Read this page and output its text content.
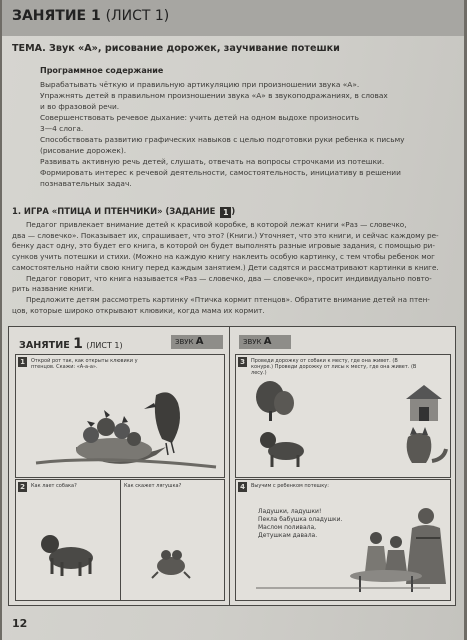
ЗАНЯТИЕ 1 (ЛИСТ 1)
ТЕМА. Звук «А», рисование дорожек, заучивание потешки
Программное содержание
Вырабатывать чёткую и правильную артикуляцию при произношении звука «А».
Упражнять детей в правильном произношении звука «А» в звукоподражаниях, в словах
и во фразовой речи.
Совершенствовать речевое дыхание: учить детей на одном выдохе произносить
3—4 слога.
Способствовать развитию графических навыков с целью подготовки руки ребенка к письму
(рисование дорожек).
Развивать активную речь детей, слушать, отвечать на вопросы строчками из потешки.
Формировать интерес к речевой деятельности, самостоятельность, инициативу в решении
познавательных задач.
1. ИГРА «ПТИЦА И ПТЕНЧИКИ» (ЗАДАНИЕ 1 )
Педагог привлекает внимание детей к красивой коробке, в которой лежат книги «Раз — словечко,
два — словечко». Показывает их, спрашивает, что это? (Книги.) Уточняет, что это книги, и сейчас каждому ре-
бенку даст одну, это будет его книга, в которой он будет выполнять разные игровые задания, с помощью ри-
сунков учить потешки и стихи. (Можно на каждую книгу наклеить особую картинку, с тем чтобы ребенок мог
самостоятельно найти свою книгу перед каждым занятием.) Дети садятся и рассматривают картинки в книге.
Педагог говорит, что книга называется «Раз — словечко, два — словечко», просит индивидуально повто-
рить название книги.
Предложите детям рассмотреть картинку «Птичка кормит птенцов». Обратите внимание детей на птен-
цов, которые широко открывают клювики, когда мама их кормит.
ЗАНЯТИЕ 1 (ЛИСТ 1)	ЗВУК А	ЗВУК А
1	Открой рот так, как открыты клювики у птенцов. Скажи: «А-а-а».
2	Как лает собака?	Как скажет лягушка?
3	Проведи дорожку от собаки к месту, где она живет. (В конуре.) Проведи дорожку от лисы к месту, где она живет. (В лесу.)
4	Выучим с ребенком потешку:
Ладушки, ладушки!
Пекла бабушка оладушки.
Маслом поливала,
Детушкам давала.
12
